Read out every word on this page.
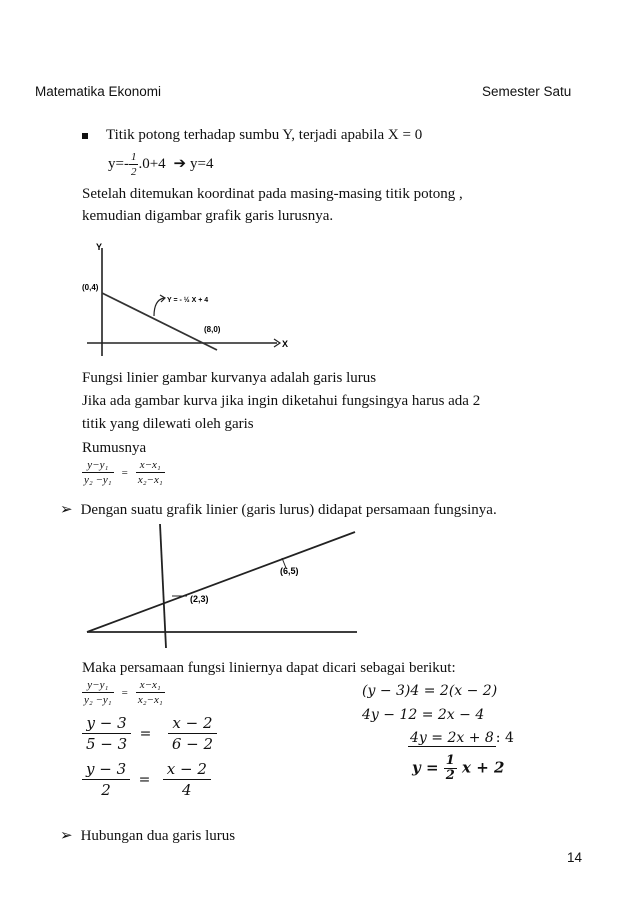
Matematika Ekonomi	Semester Satu
Titik potong terhadap sumbu Y, terjadi apabila X = 0
$y=- \frac{1}{2} .0+4$ ➔ y=4
Setelah ditemukan koordinat pada masing-masing titik potong ,
kemudian digambar grafik garis lurusnya.
Y
X
(0,4)
(8,0)
Y = - ½ X + 4
Fungsi linier gambar kurvanya adalah garis lurus
Jika ada gambar kurva jika ingin diketahui fungsingya harus ada 2
titik yang dilewati oleh garis
Rumusnya
$\frac{\text{y−y₁}}{\text{y₂ −y₁}} = \frac{\text{x−x₁}}{\text{x₂−x₁}}$
➢ Dengan suatu grafik linier (garis lurus) didapat persamaan fungsinya.
(2,3)
(6,5)
Maka persamaan fungsi liniernya dapat dicari sebagai berikut:
$\frac{\text{y−y₁}}{\text{y₂ −y₁}} = \frac{\text{x−x₁}}{\text{x₂−x₁}}$
$\frac{y - 3}{5 - 3} = \frac{x - 2}{6 - 2}$
$\frac{y - 3}{2} = \frac{x - 2}{4}$
(y − 3)4 = 2(x − 2)
4y − 12 = 2x − 4
4y = 2x + 8 : 4
$y = \frac{1}{2}$ x + 2
➢ Hubungan dua garis lurus
14
